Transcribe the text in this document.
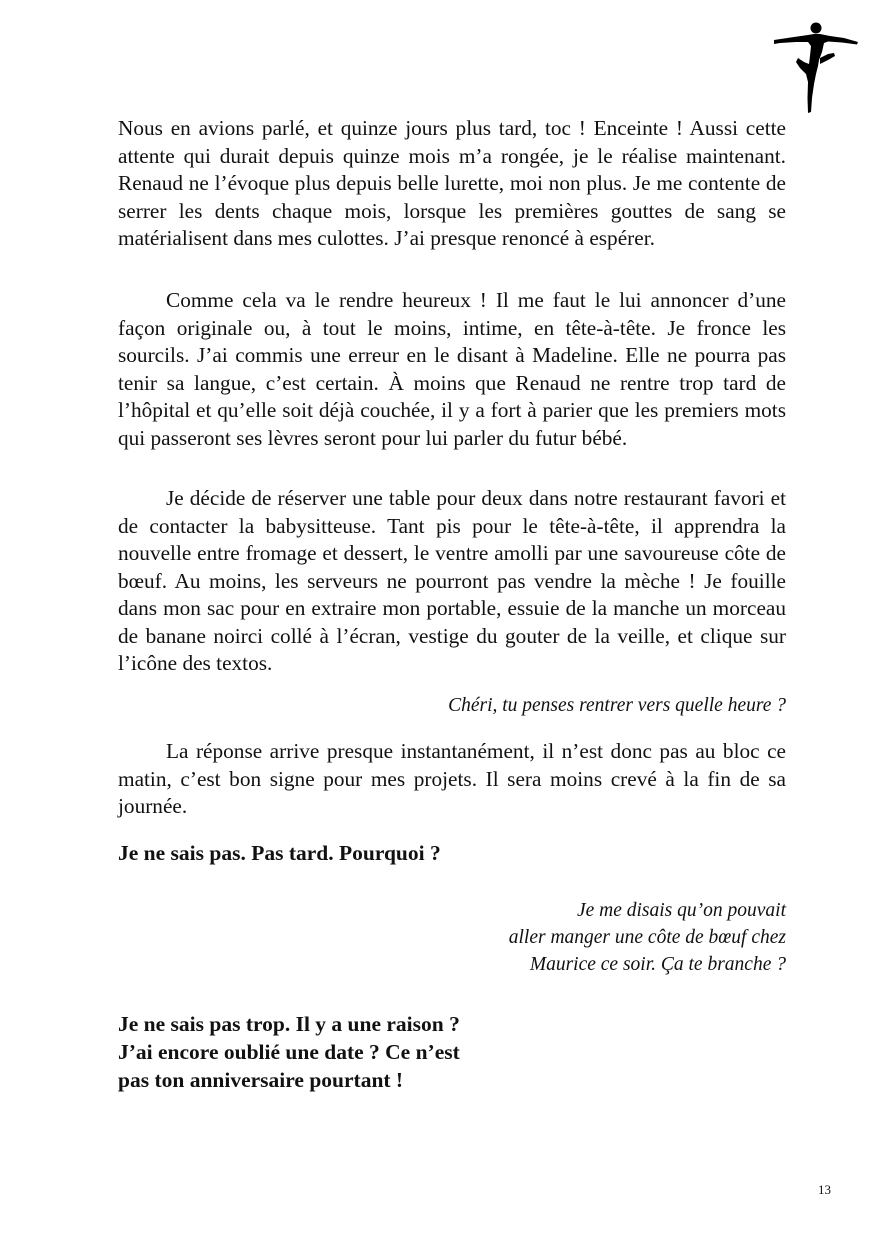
Nous en avions parlé, et quinze jours plus tard, toc ! Enceinte ! Aussi cette attente qui durait depuis quinze mois m’a rongée, je le réalise maintenant. Renaud ne l’évoque plus depuis belle lurette, moi non plus. Je me contente de serrer les dents chaque mois, lorsque les premières gouttes de sang se matérialisent dans mes culottes. J’ai presque renoncé à espérer.

Comme cela va le rendre heureux ! Il me faut le lui annoncer d’une façon originale ou, à tout le moins, intime, en tête-à-tête. Je fronce les sourcils. J’ai commis une erreur en le disant à Madeline. Elle ne pourra pas tenir sa langue, c’est certain. À moins que Renaud ne rentre trop tard de l’hôpital et qu’elle soit déjà couchée, il y a fort à parier que les premiers mots qui passeront ses lèvres seront pour lui parler du futur bébé.

Je décide de réserver une table pour deux dans notre restaurant favori et de contacter la babysitteuse. Tant pis pour le tête-à-tête, il apprendra la nouvelle entre fromage et dessert, le ventre amolli par une savoureuse côte de bœuf. Au moins, les serveurs ne pourront pas vendre la mèche ! Je fouille dans mon sac pour en extraire mon portable, essuie de la manche un morceau de banane noirci collé à l’écran, vestige du gouter de la veille, et clique sur l’icône des textos.

Chéri, tu penses rentrer vers quelle heure ?

La réponse arrive presque instantanément, il n’est donc pas au bloc ce matin, c’est bon signe pour mes projets. Il sera moins crevé à la fin de sa journée.

Je ne sais pas. Pas tard. Pourquoi ?

Je me disais qu’on pouvait
aller manger une côte de bœuf chez
Maurice ce soir. Ça te branche ?

Je ne sais pas trop. Il y a une raison ?
J’ai encore oublié une date ? Ce n’est
pas ton anniversaire pourtant !

13
